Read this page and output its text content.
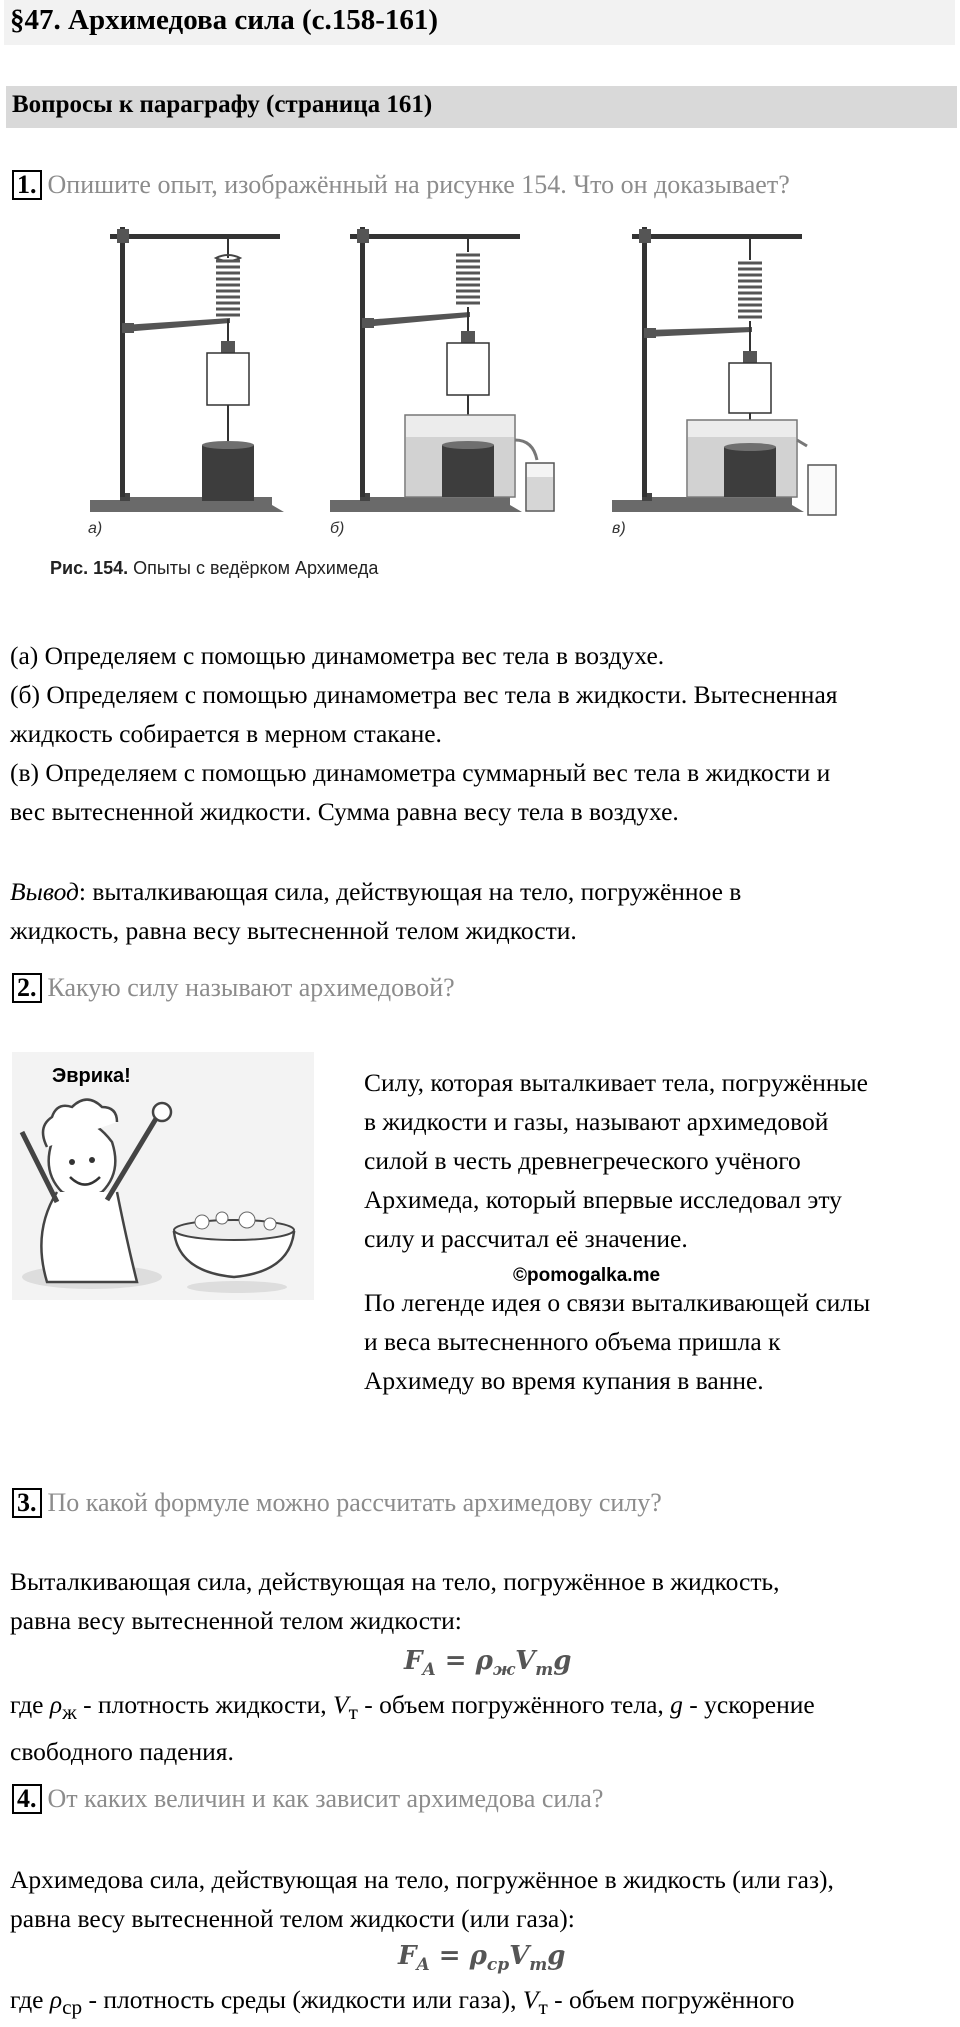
§47. Архимедова сила (с.158-161)
Вопросы к параграфу (страница 161)
1. Опишите опыт, изображённый на рисунке 154. Что он доказывает?
а)	б)	в)
Рис. 154. Опыты с ведёрком Архимеда

(а) Определяем с помощью динамометра вес тела в воздухе.

(б) Определяем с помощью динамометра вес тела в жидкости. Вытесненная

жидкость собирается в мерном стакане.

(в) Определяем с помощью динамометра суммарный вес тела в жидкости и

вес вытесненной жидкости. Сумма равна весу тела в воздухе.

Вывод: выталкивающая сила, действующая на тело, погружённое в

жидкость, равна весу вытесненной телом жидкости.

2. Какую силу называют архимедовой?
Эврика!	Силу, которая выталкивает тела, погружённые

в жидкости и газы, называют архимедовой

силой в честь древнегреческого учёного

Архимеда, который впервые исследовал эту

силу и рассчитал её значение.

©pomogalka.me

По легенде идея о связи выталкивающей силы

и веса вытесненного объема пришла к

Архимеду во время купания в ванне.

3. По какой формуле можно рассчитать архимедову силу?

Выталкивающая сила, действующая на тело, погружённое в жидкость,

равна весу вытесненной телом жидкости:

$F_A = \rho_жV_тg$

где $\rho_ж$ - плотность жидкости, $V_т$ - объем погружённого тела, g - ускорение

свободного падения.

4. От каких величин и как зависит архимедова сила?

Архимедова сила, действующая на тело, погружённое в жидкость (или газ),

равна весу вытесненной телом жидкости (или газа):

$F_A = \rho_{ср}V_тg$

где $\rho_{ср}$ - плотность среды (жидкости или газа), $V_т$ - объем погружённого
